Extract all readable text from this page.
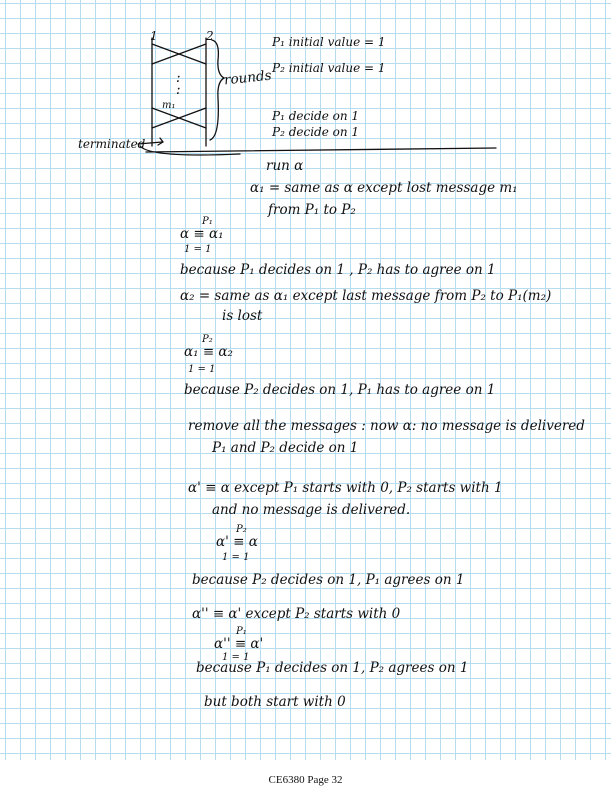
1	2
:
:
m₁
rounds
terminated
P₁ initial value = 1
P₂ initial value = 1
P₁ decide on 1
P₂ decide on 1
run α
α₁ = same as α except lost message m₁
from P₁ to P₂
P₁
α ≡ α₁
1 = 1
because P₁ decides on 1 , P₂ has to agree on 1
α₂ = same as α₁ except last message from P₂ to P₁(m₂)
is lost
P₂
α₁ ≡ α₂
1 = 1
because P₂ decides on 1, P₁ has to agree on 1
remove all the messages : now α: no message is delivered
P₁ and P₂ decide on 1
α' ≡ α except P₁ starts with 0, P₂ starts with 1
and no message is delivered.
P₂
α' ≡ α
1 = 1
because P₂ decides on 1, P₁ agrees on 1
α'' ≡ α' except P₂ starts with 0
P₁
α'' ≡ α'
1 = 1
because P₁ decides on 1, P₂ agrees on 1
but both start with 0
CE6380 Page 32
